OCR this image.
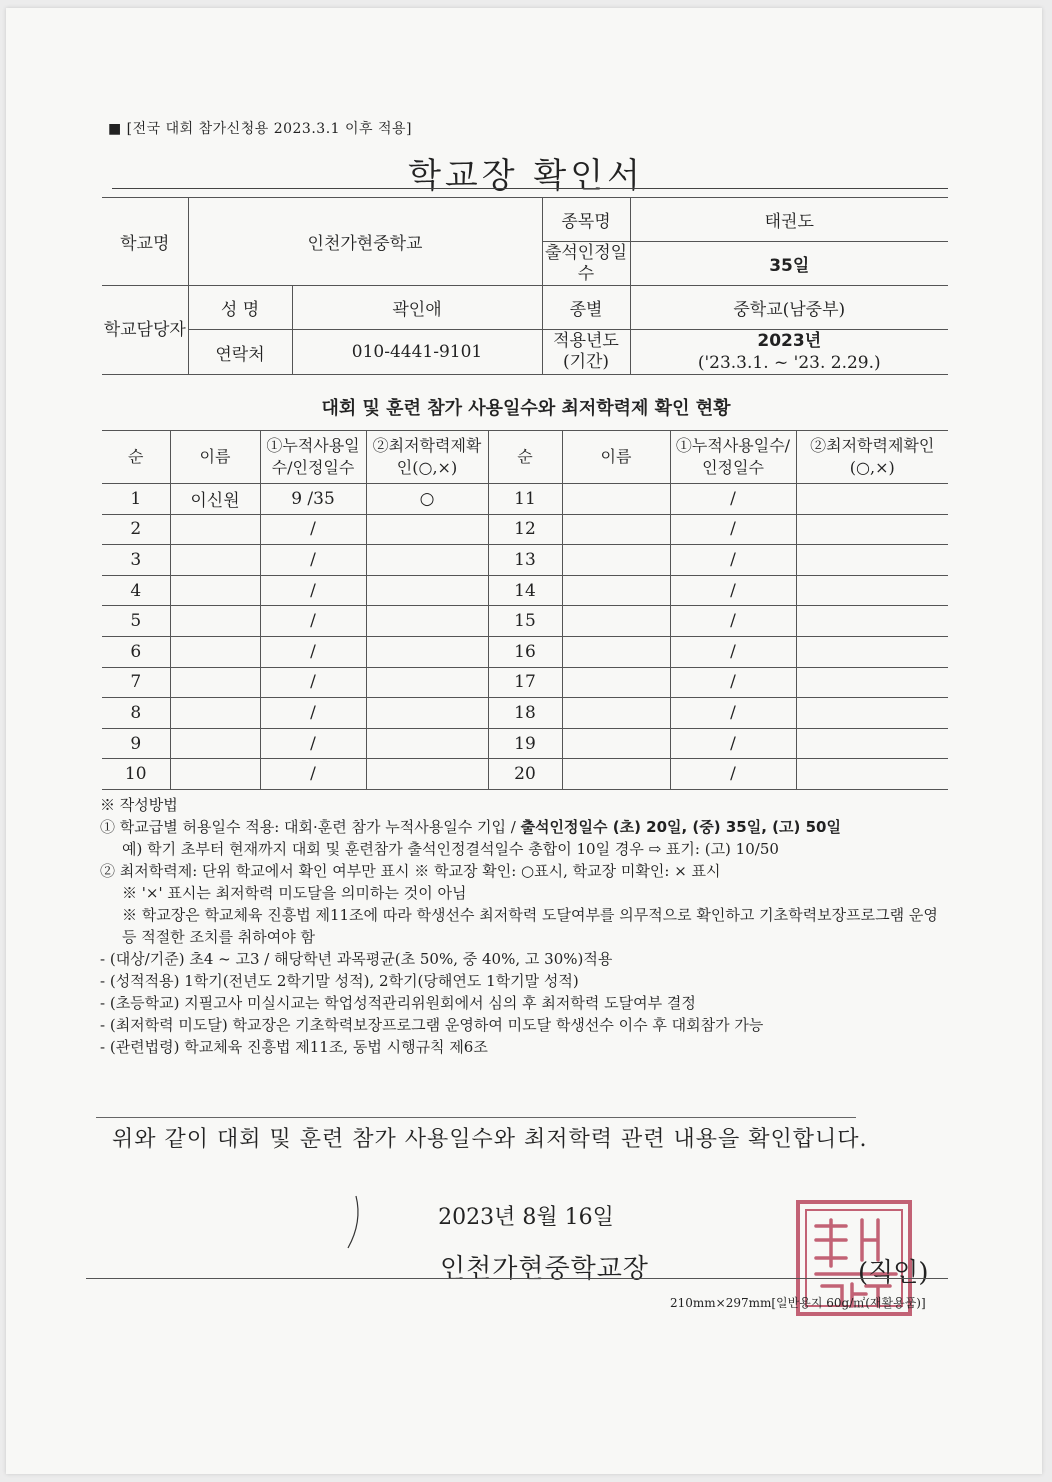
■ [전국 대회 참가신청용 2023.3.1 이후 적용]
학교장 확인서
학교명	인천가현중학교		종목명	태권도
			출석인정일수	35일
학교담당자	성 명	곽인애	종별	중학교(남중부)
	연락처	010-4441-9101	적용년도(기간)	2023년
('23.3.1. ~ '23. 2.29.)
대회 및 훈련 참가 사용일수와 최저학력제 확인 현황
순	이름	①누적사용일수/인정일수	②최저학력제확인(○,×)	순	이름	①누적사용일수/인정일수	②최저학력제확인(○,×)
1	이신원	9 /35	○	11		/	
2		/		12		/	
3		/		13		/	
4		/		14		/	
5		/		15		/	
6		/		16		/	
7		/		17		/	
8		/		18		/	
9		/		19		/	
10		/		20		/	

※ 작성방법

① 학교급별 허용일수 적용: 대회·훈련 참가 누적사용일수 기입 / 출석인정일수 (초) 20일, (중) 35일, (고) 50일

예) 학기 초부터 현재까지 대회 및 훈련참가 출석인정결석일수 총합이 10일 경우 ⇨ 표기: (고) 10/50

② 최저학력제: 단위 학교에서 확인 여부만 표시 ※ 학교장 확인: ○표시, 학교장 미확인: × 표시

※ '×' 표시는 최저학력 미도달을 의미하는 것이 아님

※ 학교장은 학교체육 진흥법 제11조에 따라 학생선수 최저학력 도달여부를 의무적으로 확인하고 기초학력보장프로그램 운영 등 적절한 조치를 취하여야 함

- (대상/기준) 초4 ~ 고3 / 해당학년 과목평균(초 50%, 중 40%, 고 30%)적용

- (성적적용) 1학기(전년도 2학기말 성적), 2학기(당해연도 1학기말 성적)

- (초등학교) 지필고사 미실시교는 학업성적관리위원회에서 심의 후 최저학력 도달여부 결정

- (최저학력 미도달) 학교장은 기초학력보장프로그램 운영하여 미도달 학생선수 이수 후 대회참가 가능

- (관련법령) 학교체육 진흥법 제11조, 동법 시행규칙 제6조

위와 같이 대회 및 훈련 참가 사용일수와 최저학력 관련 내용을 확인합니다.
2023년 8월 16일
인천가현중학교장	(직인)
210mm×297mm[일반용지 60g/㎡(재활용품)]
